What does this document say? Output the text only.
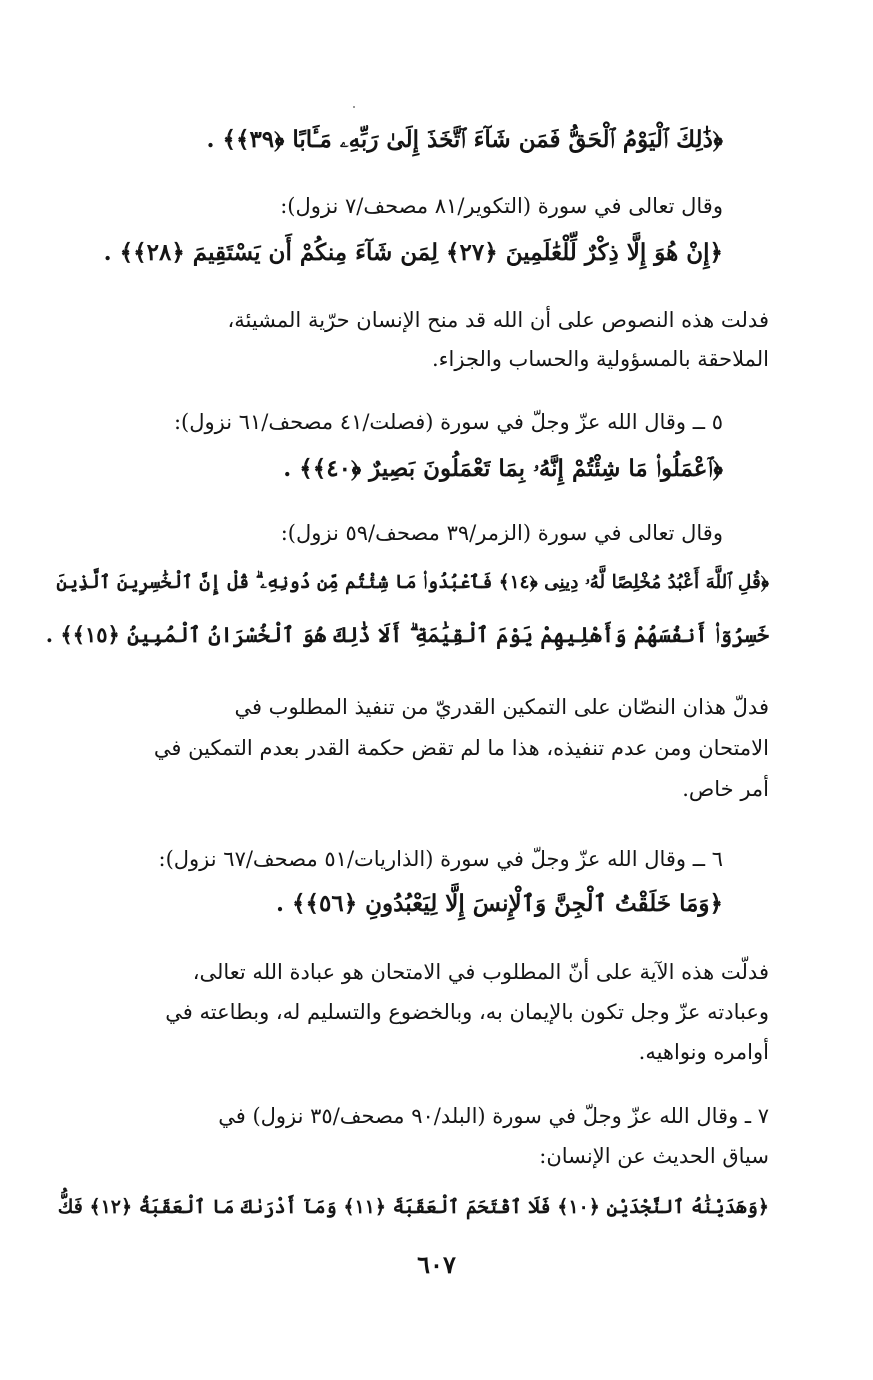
﴿ذَٰلِكَ ٱلْيَوْمُ ٱلْحَقُّ فَمَن شَآءَ ٱتَّخَذَ إِلَىٰ رَبِّهِۦ مَـَٔابًا ﴿٣٩﴾﴾ .
وقال تعالى في سورة (التكوير/٨١ مصحف/٧ نزول):
﴿إِنْ هُوَ إِلَّا ذِكْرٌ لِّلْعَٰلَمِينَ ﴿٢٧﴾ لِمَن شَآءَ مِنكُمْ أَن يَسْتَقِيمَ ﴿٢٨﴾﴾ .
فدلت هذه النصوص على أن الله قد منح الإنسان حرّية المشيئة،
الملاحقة بالمسؤولية والحساب والجزاء.
٥ ــ وقال الله عزّ وجلّ في سورة (فصلت/٤١ مصحف/٦١ نزول):
﴿ٱعْمَلُوا۟ مَا شِئْتُمْ إِنَّهُۥ بِمَا تَعْمَلُونَ بَصِيرٌ ﴿٤٠﴾﴾ .
وقال تعالى في سورة (الزمر/٣٩ مصحف/٥٩ نزول):
﴿قُلِ ٱللَّهَ أَعْبُدُ مُخْلِصًا لَّهُۥ دِينِى ﴿١٤﴾ فَٱعْبُدُوا۟ مَا شِئْتُم مِّن دُونِهِۦ ۗ قُلْ إِنَّ ٱلْخَٰسِرِينَ ٱلَّذِينَ
خَسِرُوٓا۟ أَنفُسَهُمْ وَأَهْلِيهِمْ يَوْمَ ٱلْقِيَٰمَةِ ۗ أَلَا ذَٰلِكَ هُوَ ٱلْخُسْرَانُ ٱلْمُبِينُ ﴿١٥﴾﴾ .
فدلّ هذان النصّان على التمكين القدريّ من تنفيذ المطلوب في
الامتحان ومن عدم تنفيذه، هذا ما لم تقض حكمة القدر بعدم التمكين في
أمر خاص.
٦ ــ وقال الله عزّ وجلّ في سورة (الذاريات/٥١ مصحف/٦٧ نزول):
﴿وَمَا خَلَقْتُ ٱلْجِنَّ وَٱلْإِنسَ إِلَّا لِيَعْبُدُونِ ﴿٥٦﴾﴾ .
فدلّت هذه الآية على أنّ المطلوب في الامتحان هو عبادة الله تعالى،
وعبادته عزّ وجل تكون بالإيمان به، وبالخضوع والتسليم له، وبطاعته في
أوامره ونواهيه.
٧ ـ وقال الله عزّ وجلّ في سورة (البلد/٩٠ مصحف/٣٥ نزول) في
سياق الحديث عن الإنسان:
﴿وَهَدَيْنَٰهُ ٱلنَّجْدَيْنِ ﴿١٠﴾ فَلَا ٱقْتَحَمَ ٱلْعَقَبَةَ ﴿١١﴾ وَمَآ أَدْرَىٰكَ مَا ٱلْعَقَبَةُ ﴿١٢﴾ فَكُّ
٦٠٧
